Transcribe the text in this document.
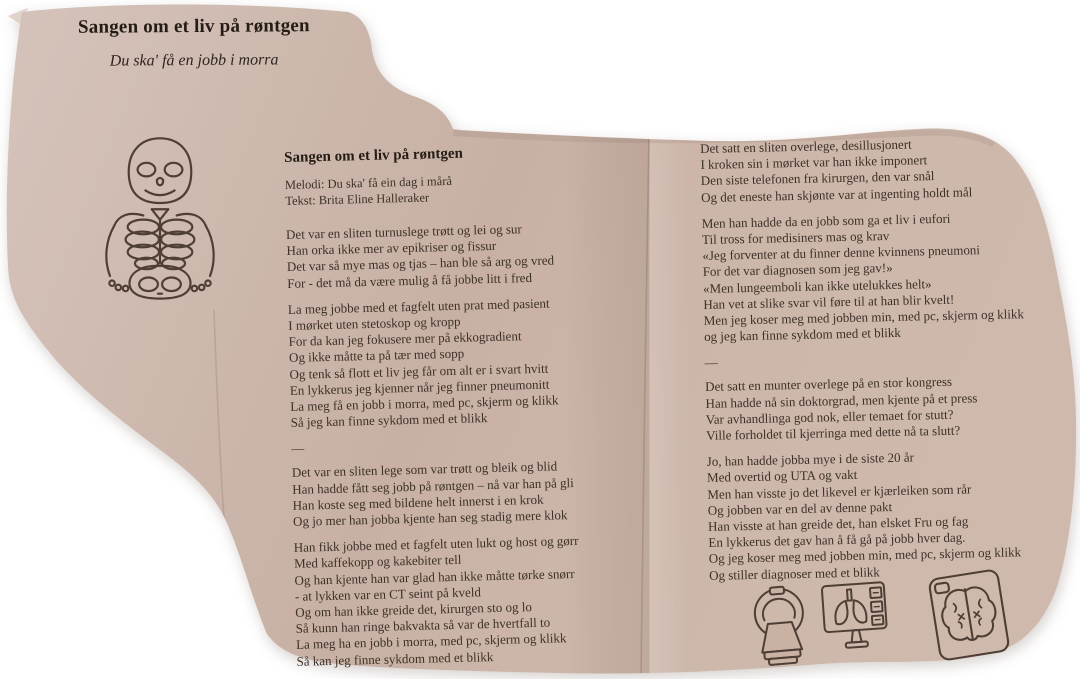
Sangen om et liv på røntgen
Du ska' få en jobb i morra
Sangen om et liv på røntgen
Melodi: Du ska' få ein dag i mårå
Tekst: Brita Eline Halleraker
Det var en sliten turnuslege trøtt og lei og sur
Han orka ikke mer av epikriser og fissur
Det var så mye mas og tjas – han ble så arg og vred
For - det må da være mulig å få jobbe litt i fred
La meg jobbe med et fagfelt uten prat med pasient
I mørket uten stetoskop og kropp
For da kan jeg fokusere mer på ekkogradient
Og ikke måtte ta på tær med sopp
Og tenk så flott et liv jeg får om alt er i svart hvitt
En lykkerus jeg kjenner når jeg finner pneumonitt
La meg få en jobb i morra, med pc, skjerm og klikk
Så jeg kan finne sykdom med et blikk
—
Det var en sliten lege som var trøtt og bleik og blid
Han hadde fått seg jobb på røntgen – nå var han på gli
Han koste seg med bildene helt innerst i en krok
Og jo mer han jobba kjente han seg stadig mere klok
Han fikk jobbe med et fagfelt uten lukt og host og gørr
Med kaffekopp og kakebiter tell
Og han kjente han var glad han ikke måtte tørke snørr
- at lykken var en CT seint på kveld
Og om han ikke greide det, kirurgen sto og lo
Så kunn han ringe bakvakta så var de hvertfall to
La meg ha en jobb i morra, med pc, skjerm og klikk
Så kan jeg finne sykdom med et blikk
Det satt en sliten overlege, desillusjonert
I kroken sin i mørket var han ikke imponert
Den siste telefonen fra kirurgen, den var snål
Og det eneste han skjønte var at ingenting holdt mål
Men han hadde da en jobb som ga et liv i eufori
Til tross for medisiners mas og krav
«Jeg forventer at du finner denne kvinnens pneumoni
For det var diagnosen som jeg gav!»
«Men lungeemboli kan ikke utelukkes helt»
Han vet at slike svar vil føre til at han blir kvelt!
Men jeg koser meg med jobben min, med pc, skjerm og klikk
og jeg kan finne sykdom med et blikk
—
Det satt en munter overlege på en stor kongress
Han hadde nå sin doktorgrad, men kjente på et press
Var avhandlinga god nok, eller temaet for stutt?
Ville forholdet til kjerringa med dette nå ta slutt?
Jo, han hadde jobba mye i de siste 20 år
Med overtid og UTA og vakt
Men han visste jo det likevel er kjærleiken som rår
Og jobben var en del av denne pakt
Han visste at han greide det, han elsket Fru og fag
En lykkerus det gav han å få gå på jobb hver dag.
Og jeg koser meg med jobben min, med pc, skjerm og klikk
Og stiller diagnoser med et blikk
